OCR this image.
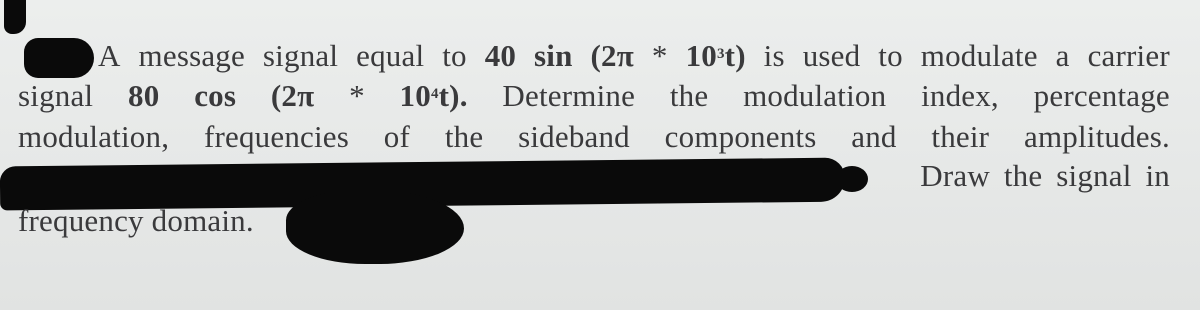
A message signal equal to 40 $\sin (2\pi * 10^3t)$ is used to modulate a carrier
signal 80 $\cos (2\pi * 10^4t)$. Determine the modulation index, percentage
modulation, frequencies of the sideband components and their amplitudes.
Draw the signal in
frequency domain.
